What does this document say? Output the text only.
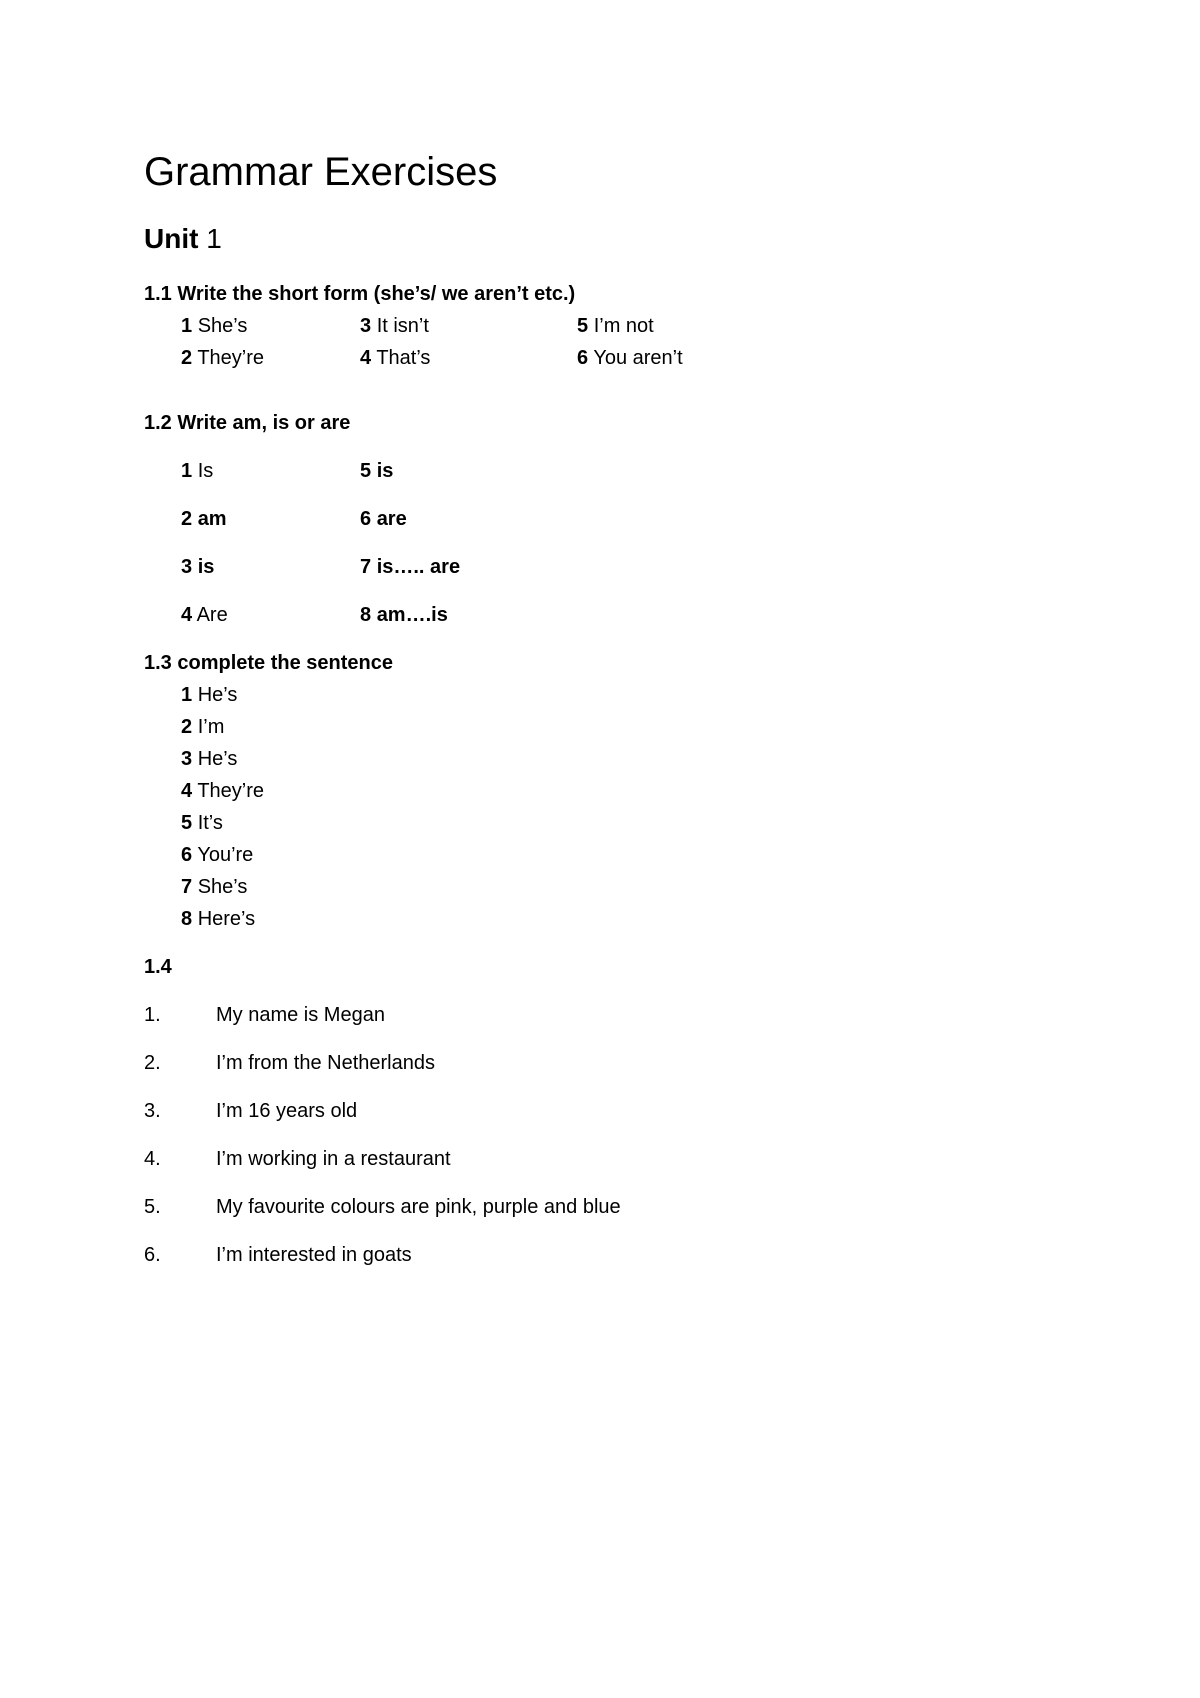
Grammar Exercises
Unit 1
1.1 Write the short form (she’s/ we aren’t etc.)
1 She’s	3 It isn’t	5 I’m not
2 They’re	4 That’s	6 You aren’t
1.2 Write am, is or are
1 Is	5 is
2 am	6 are
3 is	7 is….. are
4 Are	8 am….is
1.3 complete the sentence
1 He’s
2 I’m
3 He’s
4 They’re
5 It’s
6 You’re
7 She’s
8 Here’s
1.4
1.	My name is Megan
2.	I’m from the Netherlands
3.	I’m 16 years old
4.	I’m working in a restaurant
5.	My favourite colours are pink, purple and blue
6.	I’m interested in goats
